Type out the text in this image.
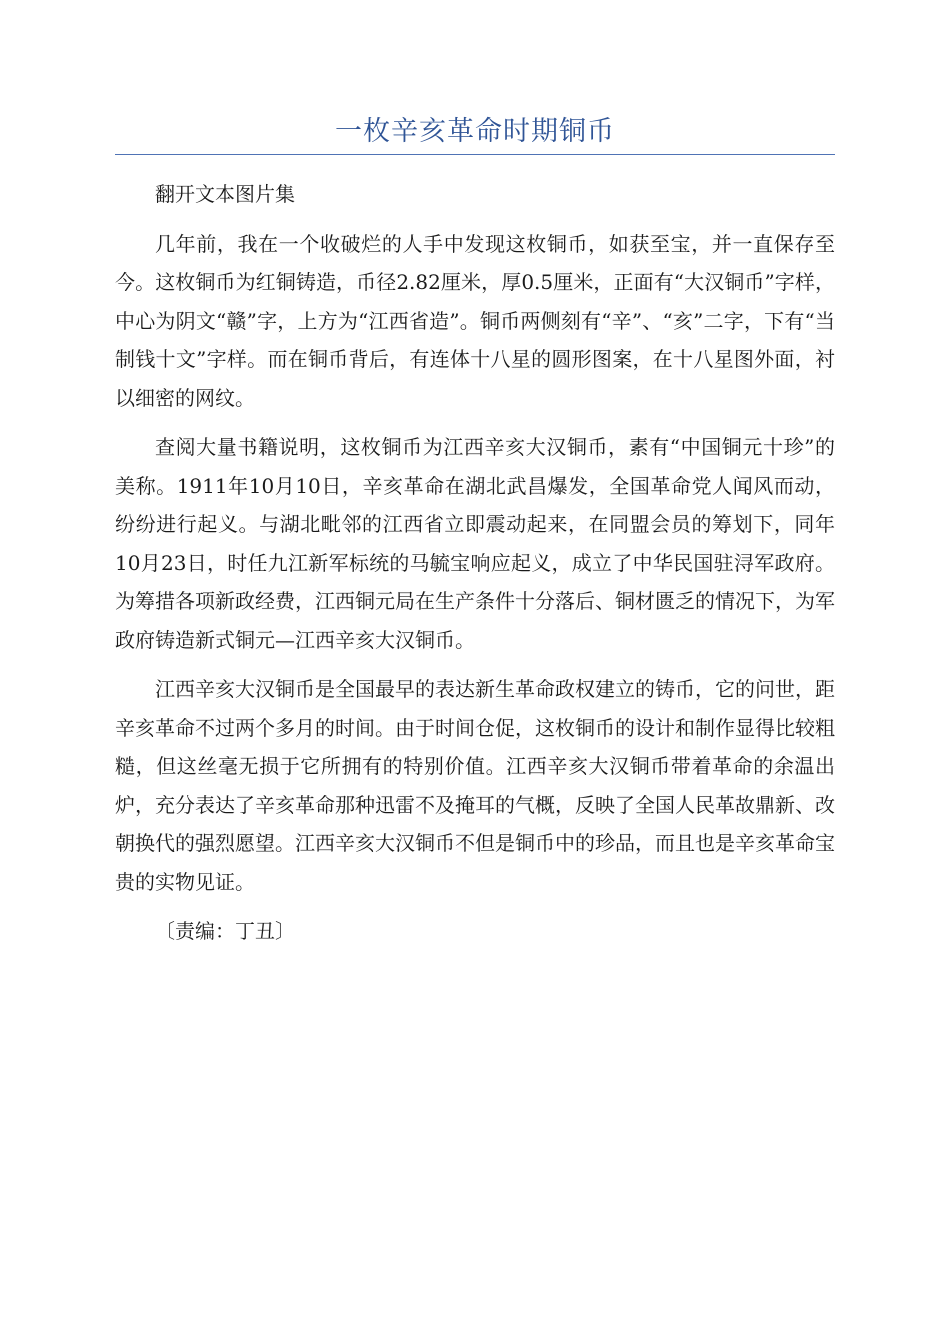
一枚辛亥革命时期铜币

翻开文本图片集

几年前，我在一个收破烂的人手中发现这枚铜币，如获至宝，并一直保存至今。这枚铜币为红铜铸造，币径2.82厘米，厚0.5厘米，正面有“大汉铜币”字样，中心为阴文“赣”字，上方为“江西省造”。铜币两侧刻有“辛”、“亥”二字，下有“当制钱十文”字样。而在铜币背后，有连体十八星的圆形图案，在十八星图外面，衬以细密的网纹。

查阅大量书籍说明，这枚铜币为江西辛亥大汉铜币，素有“中国铜元十珍”的美称。1911年10月10日，辛亥革命在湖北武昌爆发，全国革命党人闻风而动，纷纷进行起义。与湖北毗邻的江西省立即震动起来，在同盟会员的筹划下，同年10月23日，时任九江新军标统的马毓宝响应起义，成立了中华民国驻浔军政府。为筹措各项新政经费，江西铜元局在生产条件十分落后、铜材匮乏的情况下，为军政府铸造新式铜元—江西辛亥大汉铜币。

江西辛亥大汉铜币是全国最早的表达新生革命政权建立的铸币，它的问世，距辛亥革命不过两个多月的时间。由于时间仓促，这枚铜币的设计和制作显得比较粗糙，但这丝毫无损于它所拥有的特别价值。江西辛亥大汉铜币带着革命的余温出炉，充分表达了辛亥革命那种迅雷不及掩耳的气概，反映了全国人民革故鼎新、改朝换代的强烈愿望。江西辛亥大汉铜币不但是铜币中的珍品，而且也是辛亥革命宝贵的实物见证。

〔责编：丁丑〕
